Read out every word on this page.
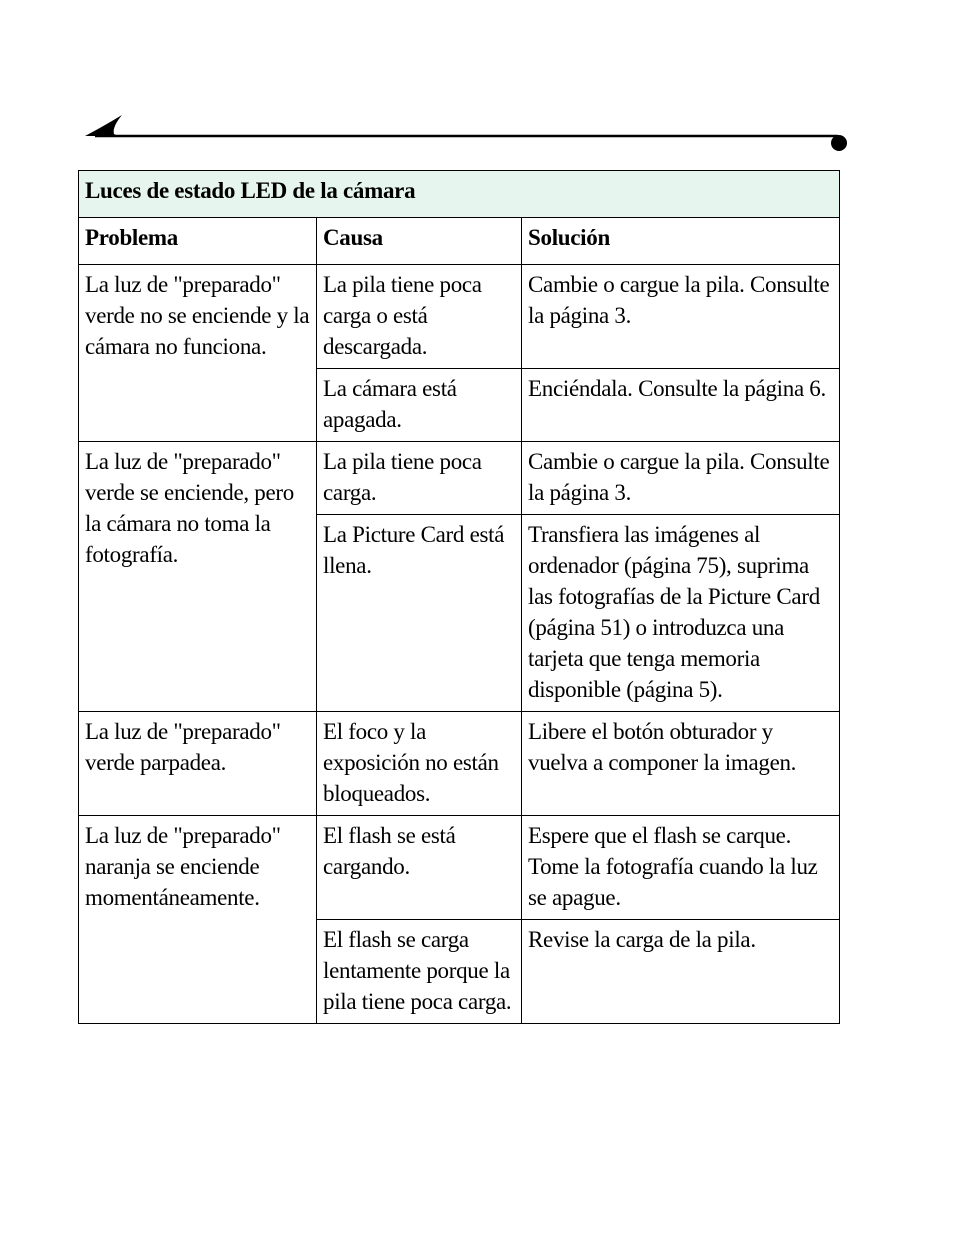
Luces de estado LED de la cámara		
Problema	Causa	Solución
La luz de "preparado" verde no se enciende y la cámara no funciona.	La pila tiene poca carga o está descargada.	Cambie o cargue la pila. Consulte la página 3.
	La cámara está apagada.	Enciéndala. Consulte la página 6.
La luz de "preparado" verde se enciende, pero la cámara no toma la fotografía.	La pila tiene poca carga.	Cambie o cargue la pila. Consulte la página 3.
	La Picture Card está llena.	Transfiera las imágenes al ordenador (página 75), suprima las fotografías de la Picture Card (página 51) o introduzca una tarjeta que tenga memoria disponible (página 5).
La luz de "preparado" verde parpadea.	El foco y la exposición no están bloqueados.	Libere el botón obturador y vuelva a componer la imagen.
La luz de "preparado" naranja se enciende momentáneamente.	El flash se está cargando.	Espere que el flash se carque. Tome la fotografía cuando la luz se apague.
	El flash se carga lentamente porque la pila tiene poca carga.	Revise la carga de la pila.
